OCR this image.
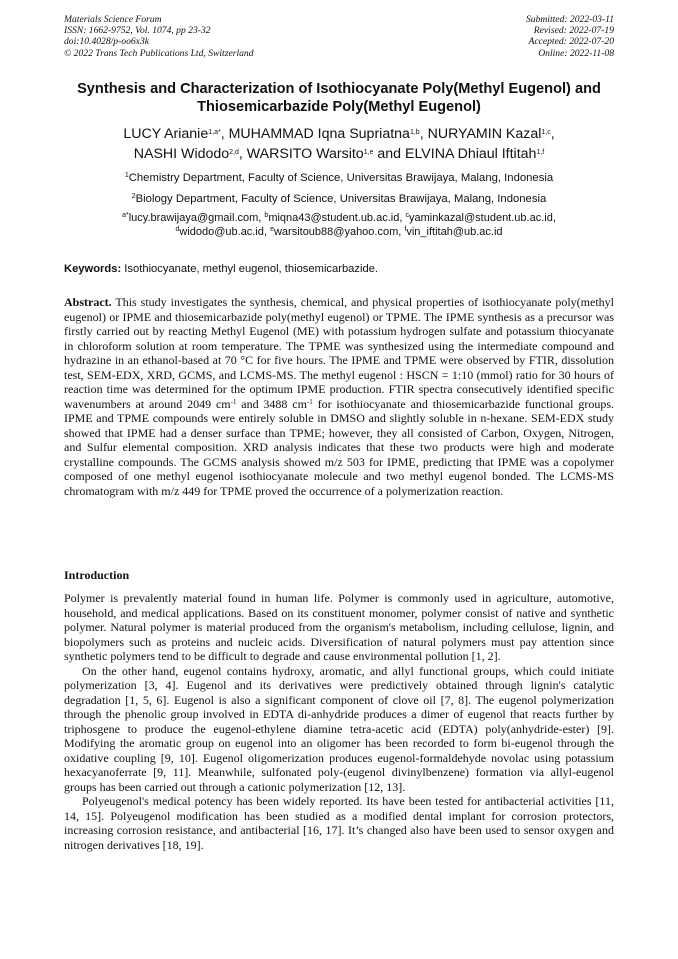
Materials Science Forum
ISSN: 1662-9752, Vol. 1074, pp 23-32
doi:10.4028/p-oo6x3k
© 2022 Trans Tech Publications Ltd, Switzerland
Submitted: 2022-03-11
Revised: 2022-07-19
Accepted: 2022-07-20
Online: 2022-11-08
Synthesis and Characterization of Isothiocyanate Poly(Methyl Eugenol) and Thiosemicarbazide Poly(Methyl Eugenol)
LUCY Arianie$^{1,a*}$, MUHAMMAD Iqna Supriatna$^{1,b}$, NURYAMIN Kazal$^{1,c}$,
NASHI Widodo$^{2,d}$, WARSITO Warsito$^{1,e}$ and ELVINA Dhiaul Iftitah$^{1,f}$
$^1$Chemistry Department, Faculty of Science, Universitas Brawijaya, Malang, Indonesia
$^2$Biology Department, Faculty of Science, Universitas Brawijaya, Malang, Indonesia
$^{a*}$lucy.brawijaya@gmail.com, $^b$miqna43@student.ub.ac.id, $^c$yaminkazal@student.ub.ac.id,
$^d$widodo@ub.ac.id, $^e$warsitoub88@yahoo.com, $^f$vin_iftitah@ub.ac.id
Keywords: Isothiocyanate, methyl eugenol, thiosemicarbazide.
Abstract. This study investigates the synthesis, chemical, and physical properties of isothiocyanate poly(methyl eugenol) or IPME and thiosemicarbazide poly(methyl eugenol) or TPME. The IPME synthesis as a precursor was firstly carried out by reacting Methyl Eugenol (ME) with potassium hydrogen sulfate and potassium thiocyanate in chloroform solution at room temperature. The TPME was synthesized using the intermediate compound and hydrazine in an ethanol-based at 70 °C for five hours. The IPME and TPME were observed by FTIR, dissolution test, SEM-EDX, XRD, GCMS, and LCMS-MS. The methyl eugenol : HSCN = 1:10 (mmol) ratio for 30 hours of reaction time was determined for the optimum IPME production. FTIR spectra consecutively identified specific wavenumbers at around 2049 $cm^{-1}$ and 3488 $cm^{-1}$ for isothiocyanate and thiosemicarbazide functional groups. IPME and TPME compounds were entirely soluble in DMSO and slightly soluble in n-hexane. SEM-EDX study showed that IPME had a denser surface than TPME; however, they all consisted of Carbon, Oxygen, Nitrogen, and Sulfur elemental composition. XRD analysis indicates that these two products were high and moderate crystalline compounds. The GCMS analysis showed m/z 503 for IPME, predicting that IPME was a copolymer composed of one methyl eugenol isothiocyanate molecule and two methyl eugenol bonded. The LCMS-MS chromatogram with m/z 449 for TPME proved the occurrence of a polymerization reaction.
Introduction

Polymer is prevalently material found in human life. Polymer is commonly used in agriculture, automotive, household, and medical applications. Based on its constituent monomer, polymer consist of native and synthetic polymer. Natural polymer is material produced from the organism's metabolism, including cellulose, lignin, and biopolymers such as proteins and nucleic acids. Diversification of natural polymers must pay attention since synthetic polymers tend to be difficult to degrade and cause environmental pollution [1, 2].

On the other hand, eugenol contains hydroxy, aromatic, and allyl functional groups, which could initiate polymerization [3, 4]. Eugenol and its derivatives were predictively obtained through lignin's catalytic degradation [1, 5, 6]. Eugenol is also a significant component of clove oil [7, 8]. The eugenol polymerization through the phenolic group involved in EDTA di-anhydride produces a dimer of eugenol that reacts further by triphosgene to produce the eugenol-ethylene diamine tetra-acetic acid (EDTA) poly(anhydride-ester) [9]. Modifying the aromatic group on eugenol into an oligomer has been recorded to form bi-eugenol through the oxidative coupling [9, 10]. Eugenol oligomerization produces eugenol-formaldehyde novolac using potassium hexacyanoferrate [9, 11]. Meanwhile, sulfonated poly-(eugenol divinylbenzene) formation via allyl-eugenol groups has been carried out through a cationic polymerization [12, 13].

Polyeugenol's medical potency has been widely reported. Its have been tested for antibacterial activities [11, 14, 15]. Polyeugenol modification has been studied as a modified dental implant for corrosion protectors, increasing corrosion resistance, and antibacterial [16, 17]. It’s changed also have been used to sensor oxygen and nitrogen derivatives [18, 19].
